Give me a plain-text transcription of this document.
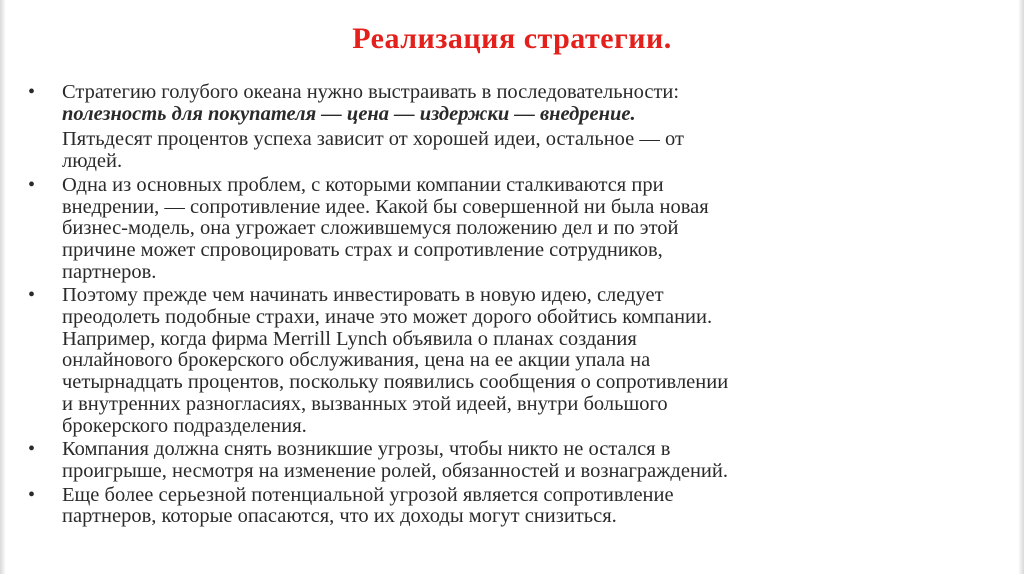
Реализация стратегии.
• Стратегию голубого океана нужно выстраивать в последовательности:
полезность для покупателя — цена — издержки — внедрение.
Пятьдесят процентов успеха зависит от хорошей идеи, остальное — от
людей.
• Одна из основных проблем, с которыми компании сталкиваются при
внедрении, — сопротивление идее. Какой бы совершенной ни была новая
бизнес-модель, она угрожает сложившемуся положению дел и по этой
причине может спровоцировать страх и сопротивление сотрудников,
партнеров.
• Поэтому прежде чем начинать инвестировать в новую идею, следует
преодолеть подобные страхи, иначе это может дорого обойтись компании.
Например, когда фирма Merrill Lynch объявила о планах создания
онлайнового брокерского обслуживания, цена на ее акции упала на
четырнадцать процентов, поскольку появились сообщения о сопротивлении
и внутренних разногласиях, вызванных этой идеей, внутри большого
брокерского подразделения.
• Компания должна снять возникшие угрозы, чтобы никто не остался в
проигрыше, несмотря на изменение ролей, обязанностей и вознаграждений.
• Еще более серьезной потенциальной угрозой является сопротивление
партнеров, которые опасаются, что их доходы могут снизиться.
